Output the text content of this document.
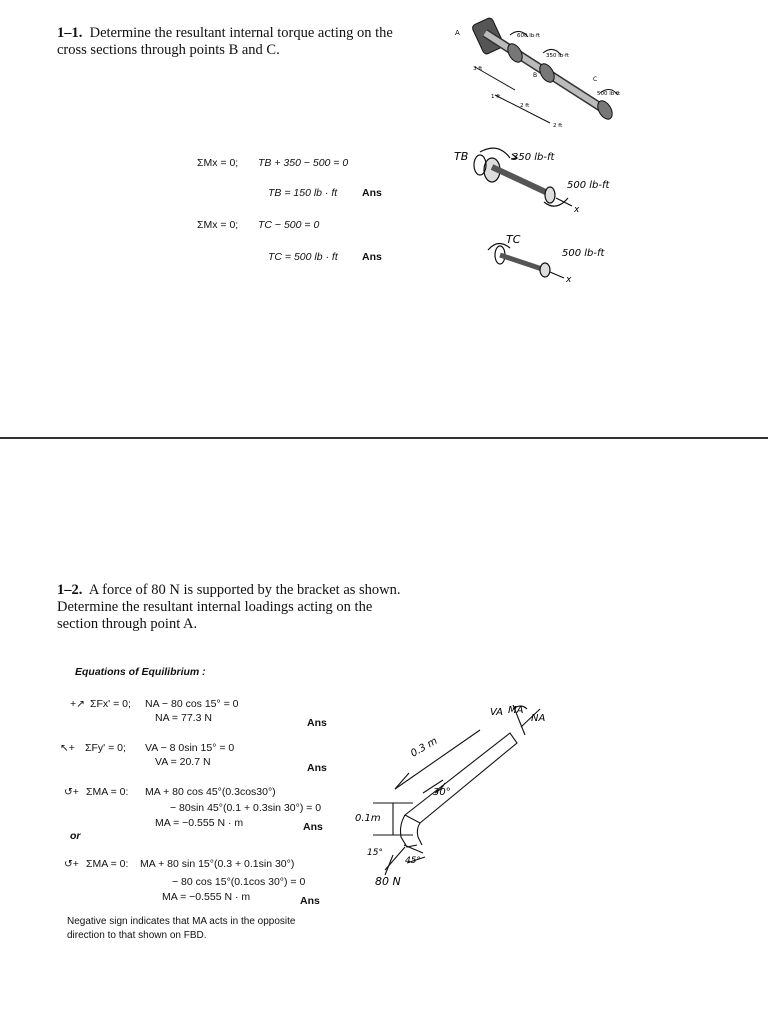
1–1. Determine the resultant internal torque acting on the
cross sections through points B and C.
ΣMx = 0; TB + 350 − 500 = 0
TB = 150 lb · ft Ans
ΣMx = 0; TC − 500 = 0
TC = 500 lb · ft Ans
A	600 lb·ft
350 lb·ft
C
500 lb·ft
3 ft
1 ft
2 ft
2 ft
B
TB	350 lb-ft
500 lb-ft
x
TC
500 lb-ft
x
1–2. A force of 80 N is supported by the bracket as shown.
Determine the resultant internal loadings acting on the
section through point A.
Equations of Equilibrium :
+↗ ΣFx' = 0; NA − 80 cos 15° = 0
NA = 77.3 N	Ans
↖+ ΣFy' = 0; VA − 8 0sin 15° = 0
VA = 20.7 N	Ans
↺+ ΣMA = 0: MA + 80 cos 45°(0.3cos30°)
− 80sin 45°(0.1 + 0.3sin 30°) = 0
MA = −0.555 N · m	Ans
or
↺+ ΣMA = 0: MA + 80 sin 15°(0.3 + 0.1sin 30°)
− 80 cos 15°(0.1cos 30°) = 0
MA = −0.555 N · m	Ans
Negative sign indicates that MA acts in the opposite direction to that shown on FBD.
VA MA
NA
0.3 m
30°
0.1m
15°
45°
80 N
